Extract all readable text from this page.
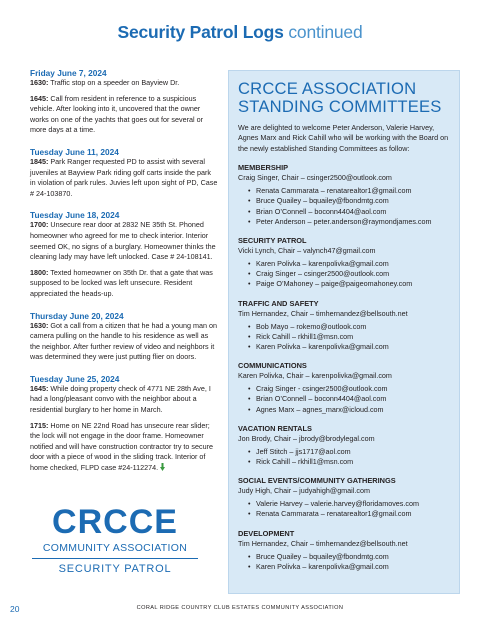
Security Patrol Logs continued
Friday June 7, 2024
1630: Traffic stop on a speeder on Bayview Dr.
1645: Call from resident in reference to a suspicious vehicle. After looking into it, uncovered that the owner works on one of the yachts that goes out for several or more days at a time.
Tuesday June 11, 2024
1845: Park Ranger requested PD to assist with several juveniles at Bayview Park riding golf carts inside the park in violation of park rules. Juvies left upon sight of PD, Case # 24-103870.
Tuesday June 18, 2024
1700: Unsecure rear door at 2832 NE 35th St. Phoned homeowner who agreed for me to check interior. Interior seemed OK, no signs of a burglary. Homeowner thinks the cleaning lady may have left unlocked. Case # 24-108141.
1800: Texted homeowner on 35th Dr. that a gate that was supposed to be locked was left unsecure. Resident appreciated the heads-up.
Thursday June 20, 2024
1630: Got a call from a citizen that he had a young man on camera pulling on the handle to his residence as well as the neighbor. After further review of video and neighbors it was determined they were just putting flier on doors.
Tuesday June 25, 2024
1645: While doing property check of 4771 NE 28th Ave, I had a long/pleasant convo with the neighbor about a residential burglary to her home in March.
1715: Home on NE 22nd Road has unsecure rear slider; the lock will not engage in the door frame. Homeowner notified and will have construction contractor try to secure door with a piece of wood in the sliding track. Interior of home checked, FLPD case #24-112274.
CRCCE
COMMUNITY ASSOCIATION
SECURITY PATROL
CRCCE ASSOCIATION
STANDING COMMITTEES
We are delighted to welcome Peter Anderson, Valerie Harvey, Agnes Marx and Rick Cahill who will be working with the Board on the newly established Standing Committees as follow:
MEMBERSHIP
Craig Singer, Chair – csinger2500@outlook.com
• Renata Cammarata – renatarealtor1@gmail.com
• Bruce Quailey – bquailey@fbondmtg.com
• Brian O’Connell – boconn4404@aol.com
• Peter Anderson – peter.anderson@raymondjames.com
SECURITY PATROL
Vicki Lynch, Chair – valynch47@gmail.com
• Karen Polivka – karenpolivka@gmail.com
• Craig Singer – csinger2500@outlook.com
• Paige O’Mahoney – paige@paigeomahoney.com
TRAFFIC AND SAFETY
Tim Hernandez, Chair – timhernandez@bellsouth.net
• Bob Mayo – rokemo@outlook.com
• Rick Cahill – rkhill1@msn.com
• Karen Polivka – karenpolivka@gmail.com
COMMUNICATIONS
Karen Polivka, Chair – karenpolivka@gmail.com
• Craig Singer - csinger2500@outlook.com
• Brian O’Connell – boconn4404@aol.com
• Agnes Marx – agnes_marx@icloud.com
VACATION RENTALS
Jon Brody, Chair – jbrody@brodylegal.com
• Jeff Stitch – jjs1717@aol.com
• Rick Cahill – rkhill1@msn.com
SOCIAL EVENTS/COMMUNITY GATHERINGS
Judy High, Chair – judyahigh@gmail.com
• Valerie Harvey – valerie.harvey@floridamoves.com
• Renata Cammarata – renatarealtor1@gmail.com
DEVELOPMENT
Tim Hernandez, Chair – timhernandez@bellsouth.net
• Bruce Quailey – bquailey@fbondmtg.com
• Karen Polivka – karenpolivka@gmail.com
20	CORAL RIDGE COUNTRY CLUB ESTATES COMMUNITY ASSOCIATION
